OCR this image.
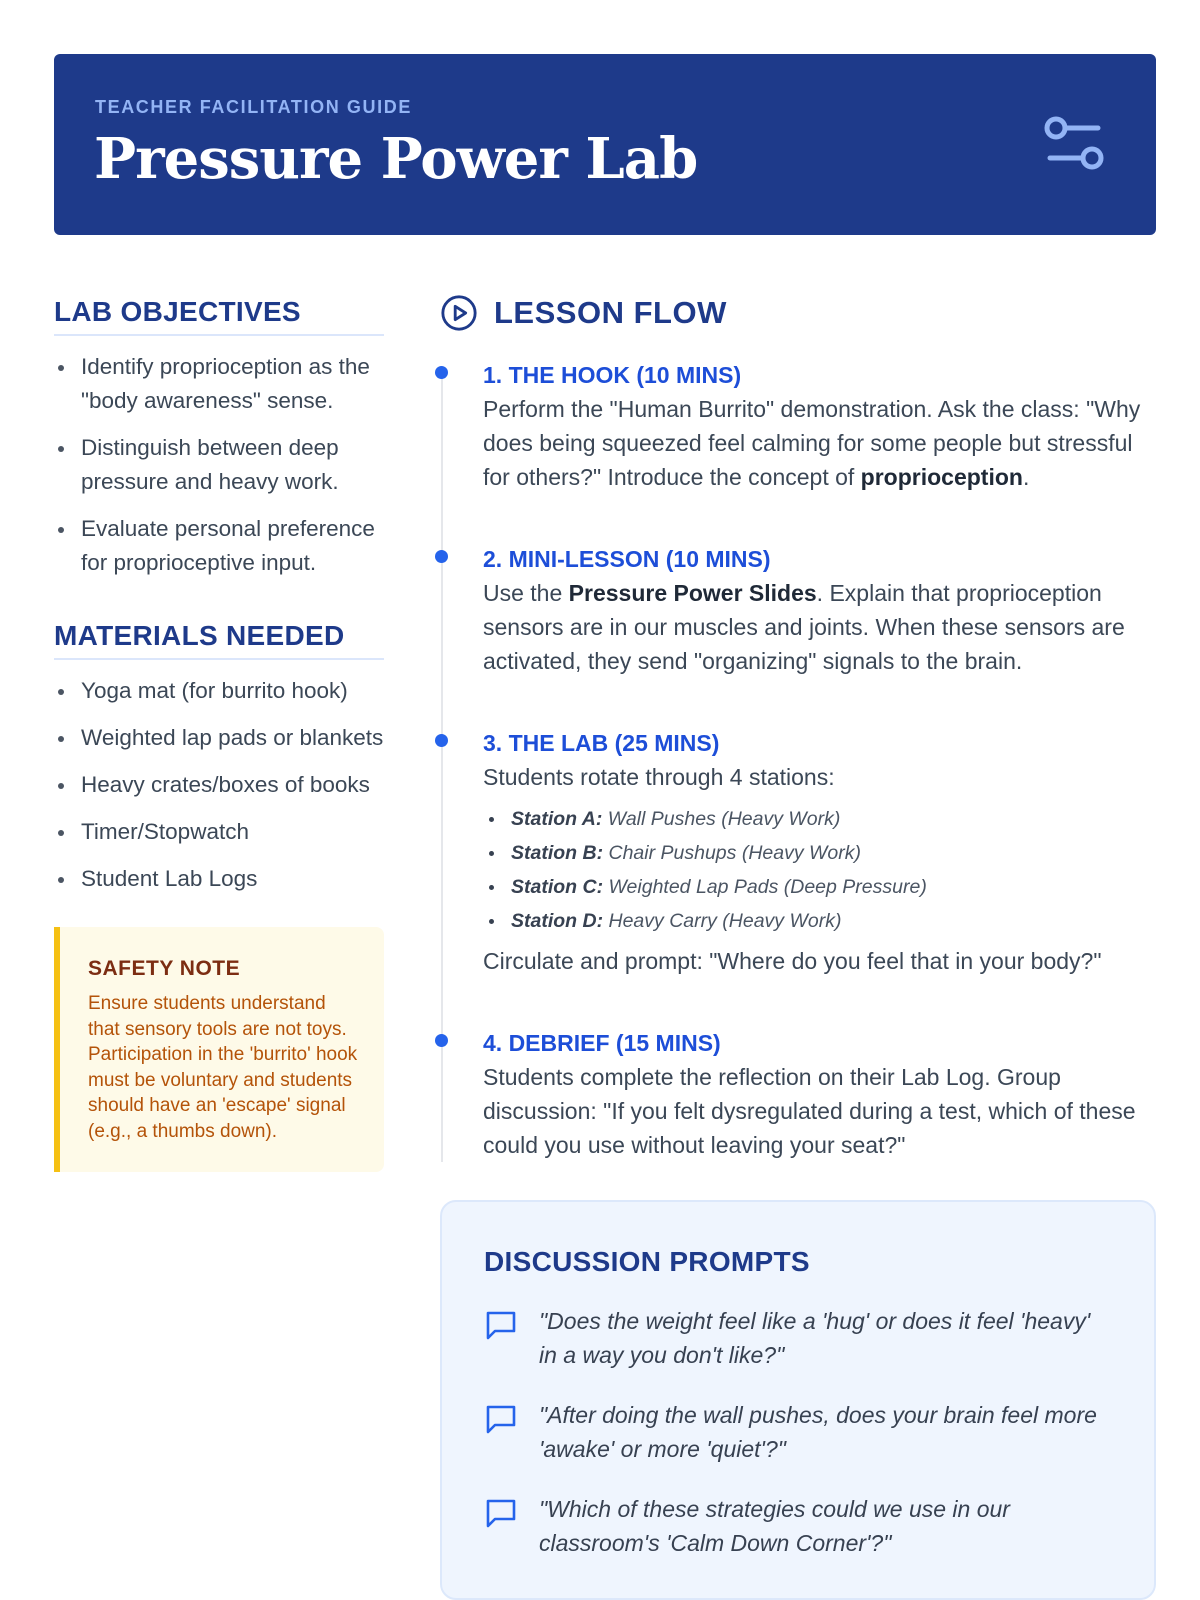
TEACHER FACILITATION GUIDE
Pressure Power Lab
LAB OBJECTIVES
Identify proprioception as the "body awareness" sense.
Distinguish between deep pressure and heavy work.
Evaluate personal preference for proprioceptive input.
MATERIALS NEEDED
Yoga mat (for burrito hook)
Weighted lap pads or blankets
Heavy crates/boxes of books
Timer/Stopwatch
Student Lab Logs
SAFETY NOTE
Ensure students understand that sensory tools are not toys. Participation in the 'burrito' hook must be voluntary and students should have an 'escape' signal (e.g., a thumbs down).
LESSON FLOW
1. THE HOOK (10 MINS)

Perform the "Human Burrito" demonstration. Ask the class: "Why does being squeezed feel calming for some people but stressful for others?" Introduce the concept of proprioception.

2. MINI-LESSON (10 MINS)

Use the Pressure Power Slides. Explain that proprioception sensors are in our muscles and joints. When these sensors are activated, they send "organizing" signals to the brain.

3. THE LAB (25 MINS)

Students rotate through 4 stations:

Station A: Wall Pushes (Heavy Work)
Station B: Chair Pushups (Heavy Work)
Station C: Weighted Lap Pads (Deep Pressure)
Station D: Heavy Carry (Heavy Work)

Circulate and prompt: "Where do you feel that in your body?"

4. DEBRIEF (15 MINS)

Students complete the reflection on their Lab Log. Group discussion: "If you felt dysregulated during a test, which of these could you use without leaving your seat?"

DISCUSSION PROMPTS
"Does the weight feel like a 'hug' or does it feel 'heavy' in a way you don't like?"
"After doing the wall pushes, does your brain feel more 'awake' or more 'quiet'?"
"Which of these strategies could we use in our classroom's 'Calm Down Corner'?"
